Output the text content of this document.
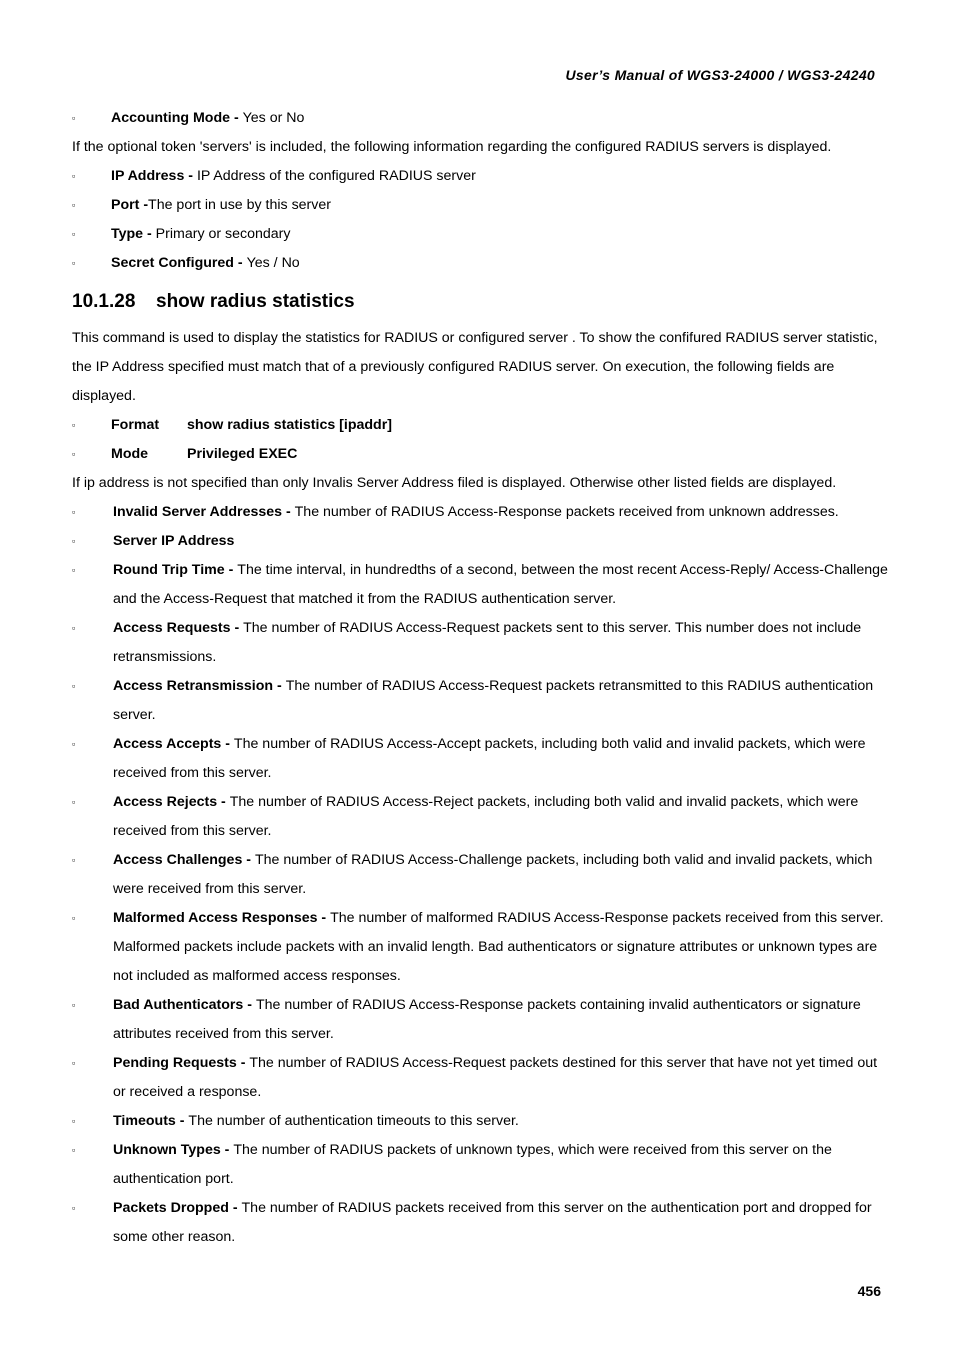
User’s Manual of WGS3-24000 / WGS3-24240
▫	Accounting Mode - Yes or No
If the optional token 'servers' is included, the following information regarding the configured RADIUS servers is displayed.
▫	IP Address - IP Address of the configured RADIUS server
▫	Port -The port in use by this server
▫	Type - Primary or secondary
▫	Secret Configured - Yes / No
10.1.28 show radius statistics
This command is used to display the statistics for RADIUS or configured server . To show the confifured RADIUS server statistic, the IP Address specified must match that of a previously configured RADIUS server. On execution, the following fields are displayed.
▫	Format show radius statistics [ipaddr]
▫	Mode	Privileged EXEC
If ip address is not specified than only Invalis Server Address filed is displayed. Otherwise other listed fields are displayed.
▫	Invalid Server Addresses - The number of RADIUS Access-Response packets received from unknown addresses.
▫	Server IP Address
▫	Round Trip Time - The time interval, in hundredths of a second, between the most recent Access-Reply/ Access-Challenge and the Access-Request that matched it from the RADIUS authentication server.
▫	Access Requests - The number of RADIUS Access-Request packets sent to this server. This number does not include retransmissions.
▫	Access Retransmission - The number of RADIUS Access-Request packets retransmitted to this RADIUS authentication server.
▫	Access Accepts - The number of RADIUS Access-Accept packets, including both valid and invalid packets, which were received from this server.
▫	Access Rejects - The number of RADIUS Access-Reject packets, including both valid and invalid packets, which were received from this server.
▫	Access Challenges - The number of RADIUS Access-Challenge packets, including both valid and invalid packets, which were received from this server.
▫	Malformed Access Responses - The number of malformed RADIUS Access-Response packets received from this server. Malformed packets include packets with an invalid length. Bad authenticators or signature attributes or unknown types are not included as malformed access responses.
▫	Bad Authenticators - The number of RADIUS Access-Response packets containing invalid authenticators or signature attributes received from this server.
▫	Pending Requests - The number of RADIUS Access-Request packets destined for this server that have not yet timed out or received a response.
▫	Timeouts - The number of authentication timeouts to this server.
▫	Unknown Types - The number of RADIUS packets of unknown types, which were received from this server on the authentication port.
▫	Packets Dropped - The number of RADIUS packets received from this server on the authentication port and dropped for some other reason.
456
